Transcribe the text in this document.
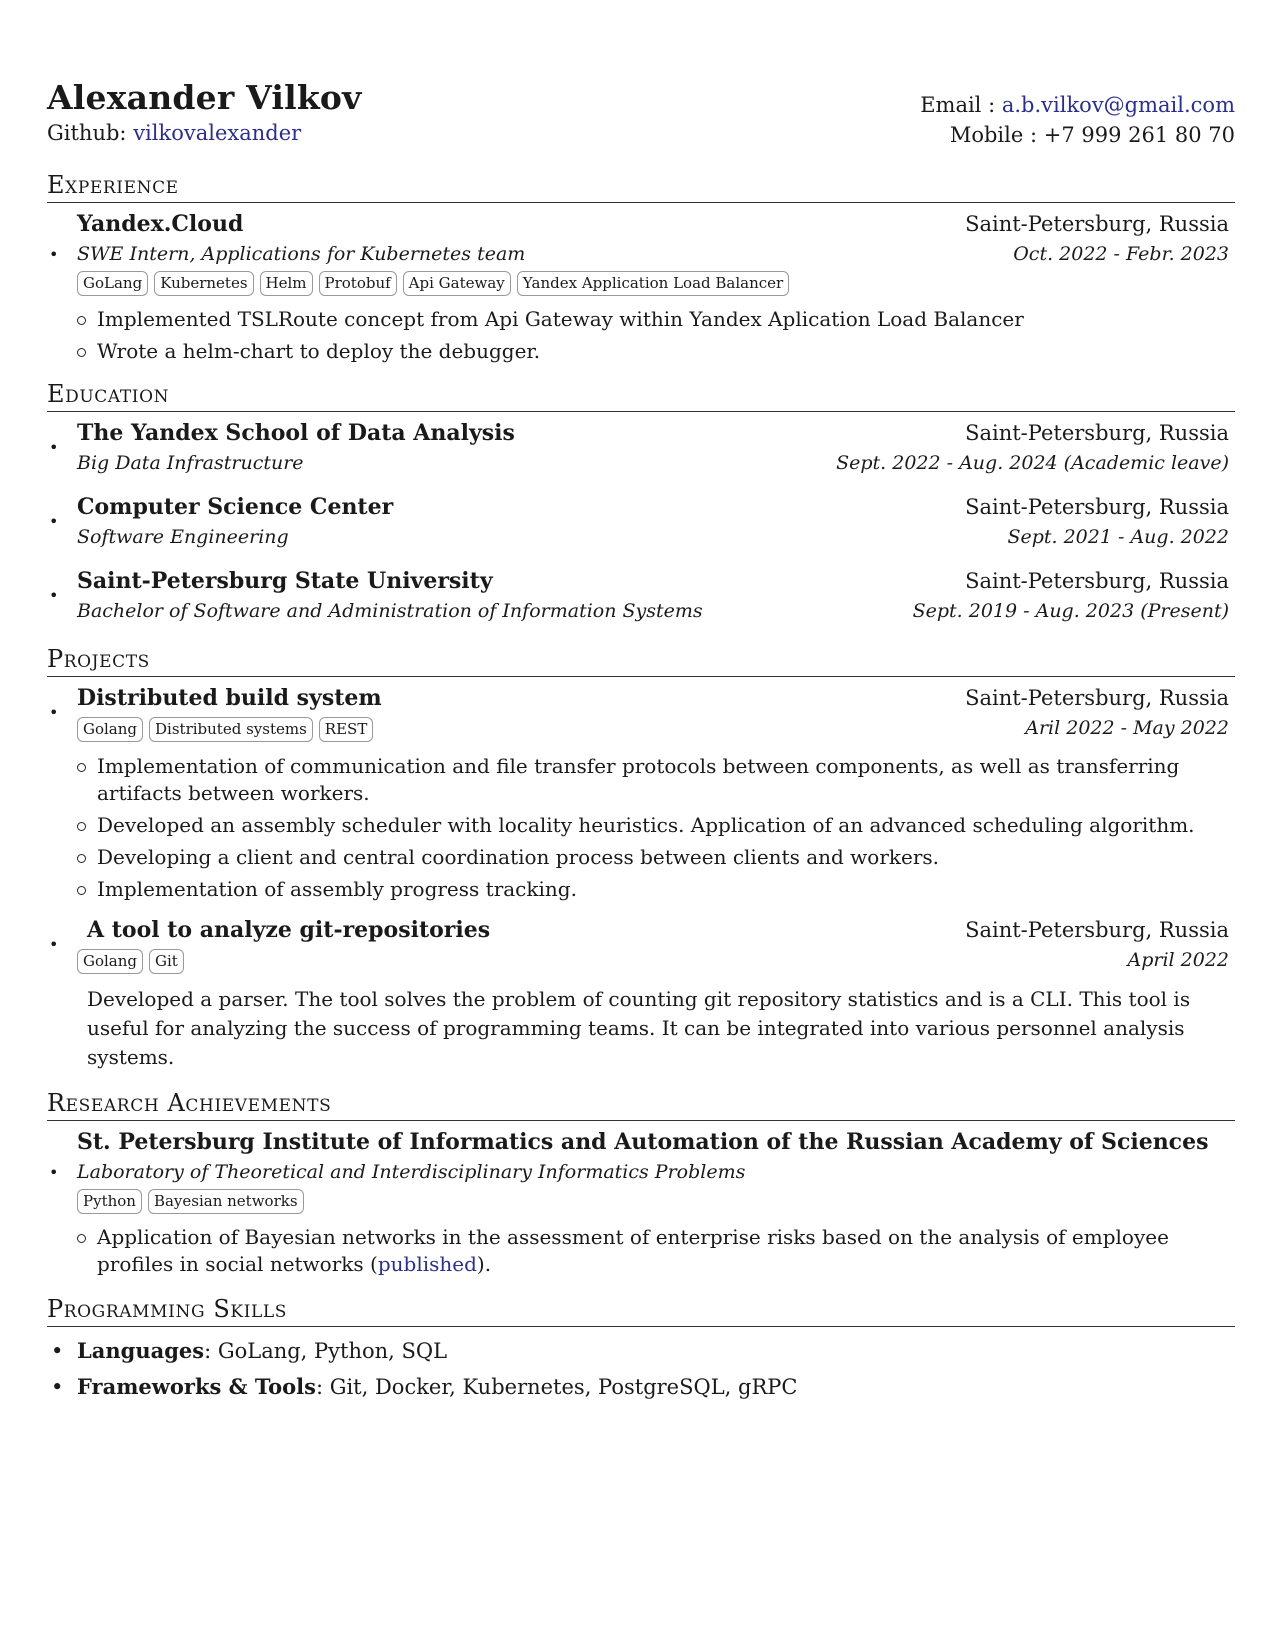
Alexander Vilkov
Github: vilkovalexander
Email : a.b.vilkov@gmail.com
Mobile : +7 999 261 80 70
Experience
•
Yandex.Cloud	Saint-Petersburg, Russia
SWE Intern, Applications for Kubernetes team	Oct. 2022 - Febr. 2023
GoLang	Kubernetes	Helm	Protobuf	Api Gateway	Yandex Application Load Balancer
Implemented TSLRoute concept from Api Gateway within Yandex Aplication Load Balancer
Wrote a helm-chart to deploy the debugger.
Education
•
The Yandex School of Data Analysis	Saint-Petersburg, Russia
Big Data Infrastructure	Sept. 2022 - Aug. 2024 (Academic leave)
•
Computer Science Center	Saint-Petersburg, Russia
Software Engineering	Sept. 2021 - Aug. 2022
•
Saint-Petersburg State University	Saint-Petersburg, Russia
Bachelor of Software and Administration of Information Systems	Sept. 2019 - Aug. 2023 (Present)
Projects
•
Distributed build system	Saint-Petersburg, Russia
Golang	Distributed systems	REST	Aril 2022 - May 2022
Implementation of communication and file transfer protocols between components, as well as transferring artifacts between workers.
Developed an assembly scheduler with locality heuristics. Application of an advanced scheduling algorithm.
Developing a client and central coordination process between clients and workers.
Implementation of assembly progress tracking.
•
A tool to analyze git-repositories	Saint-Petersburg, Russia
Golang	Git	April 2022
Developed a parser. The tool solves the problem of counting git repository statistics and is a CLI. This tool is useful for analyzing the success of programming teams. It can be integrated into various personnel analysis systems.
Research Achievements
•
St. Petersburg Institute of Informatics and Automation of the Russian Academy of Sciences
Laboratory of Theoretical and Interdisciplinary Informatics Problems
Python	Bayesian networks
Application of Bayesian networks in the assessment of enterprise risks based on the analysis of employee profiles in social networks (published).
Programming Skills
• Languages: GoLang, Python, SQL
• Frameworks & Tools: Git, Docker, Kubernetes, PostgreSQL, gRPC
